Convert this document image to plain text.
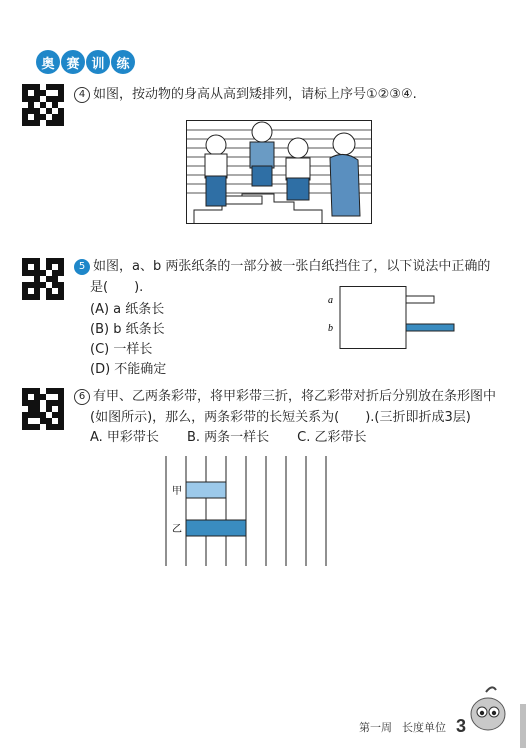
奥 赛 训 练
4 如图，按动物的身高从高到矮排列，请标上序号①②③④.
5 如图，a、b 两张纸条的一部分被一张白纸挡住了，以下说法中正确的
是(　　).
(A) a 纸条长
(B) b 纸条长
(C) 一样长
(D) 不能确定
a
b
6 有甲、乙两条彩带，将甲彩带三折，将乙彩带对折后分别放在条形图中
(如图所示)，那么，两条彩带的长短关系为(　　).(三折即折成3层)
A. 甲彩带长 B. 两条一样长 C. 乙彩带长
甲
乙
第一周 长度单位 3
